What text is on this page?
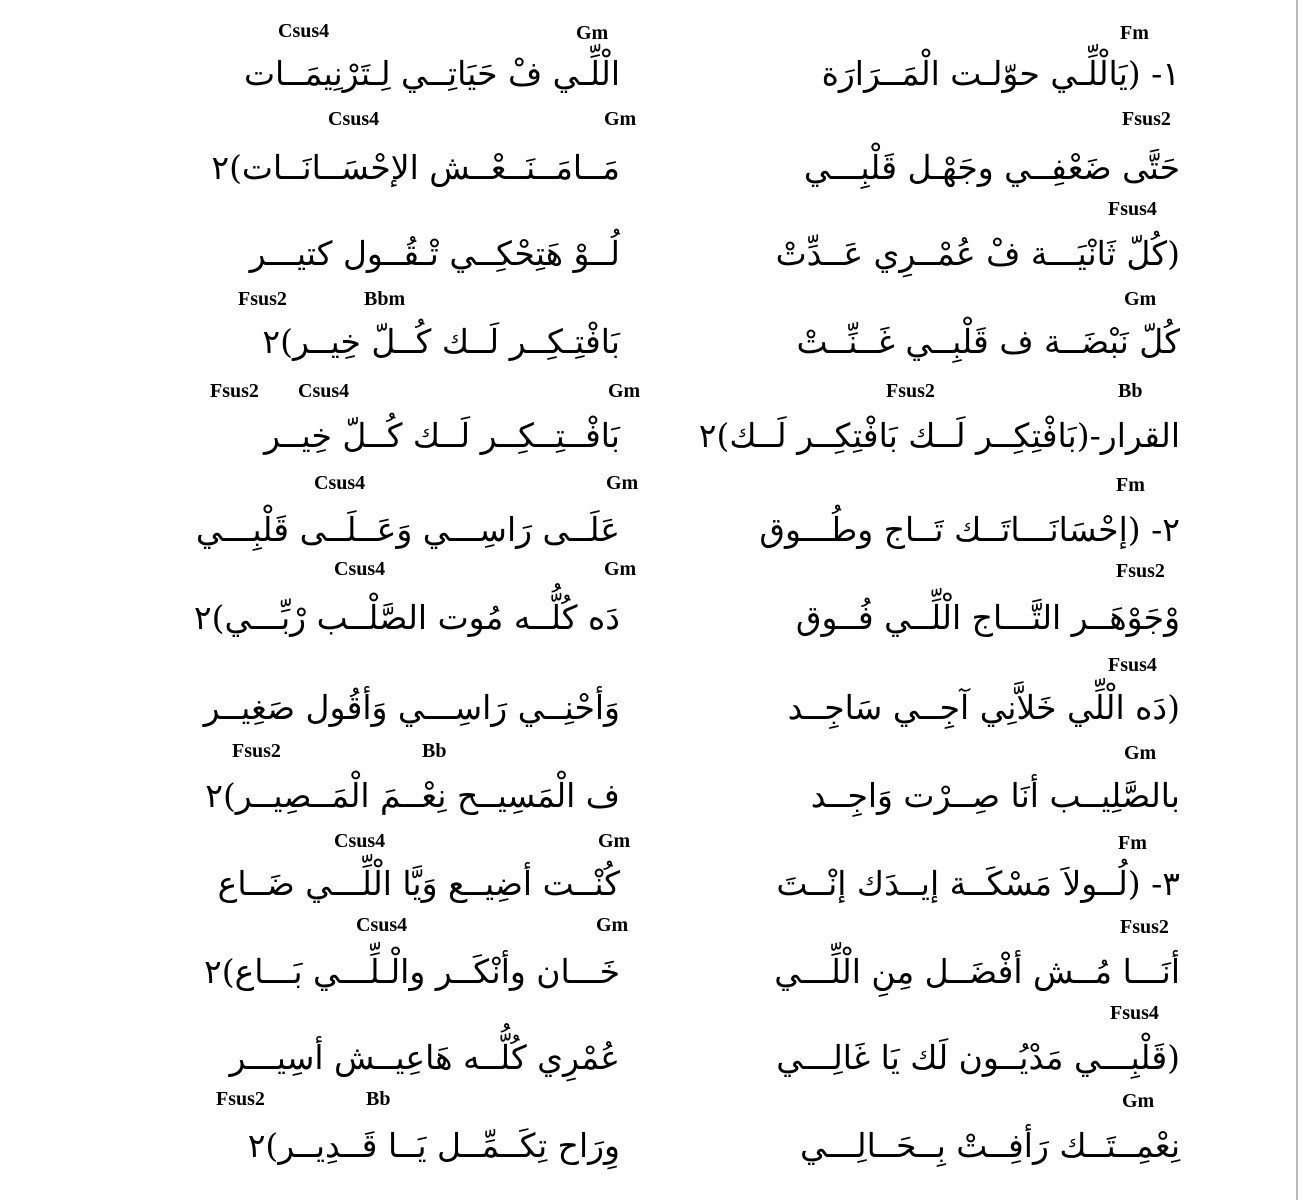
Fm
Gm
Csus4
١- (يَالْلِّـي حوّلـت الْمَــرَارَة
الْلِّـي فْ حَيَاتِــي لِـتَرْنِيمَــات
Fsus2
Gm
Csus4
حَتَّى ضَعْفِــي وجَهْـل قَلْبِـــي
مَــامَــنَــعْــش الإحْسَــانَــات)٢
Fsus4
(كُلّ ثَانْيَـــة فْ عُمْــرِي عَــدِّتْ
لُــوْ هَتِحْكِــي تْـقُــول كتيـــر
Gm
Bbm
Fsus2
كُلّ نَبْضَــة ف قَلْبِــي غَــنِّــتْ
بَافْتِـكِــر لَــك كُــلّ خِيــر)٢
Bb
Fsus2
Gm
Csus4
Fsus2
القرار-(بَافْتِكِــر لَــك بَافْتِكِــر لَــك)٢
بَافْــتِــكِــر لَــك كُــلّ خِيــر
Fm
Gm
Csus4
٢- (إحْسَانَـــاتَــك تَــاج وطُـــوق
عَلَــى رَاسِـــي وَعَــلَــى قَلْبِـــي
Fsus2
Gm
Csus4
وْجَوْهَــر التَّـــاج الْلِّــي فُــوق
دَه كُلُّــه مُوت الصَّلْــب رْبِّـــي)٢
Fsus4
(دَه الْلِّي خَلاَّنِي آجِــي سَاجِــد
وَأحْنِــي رَاسِـــي وَأقُول صَغِيــر
Gm
Bb
Fsus2
بالصَّلِيــب أنَا صِــرْت وَاجِــد
ف الْمَسِيــح نِعْــمَ الْمَــصِيــر)٢
Fm
Gm
Csus4
٣- (لُــولاَ مَسْكَــة إيــدَك إنْــتَ
كُنْــت أضِيــع وَيَّا الْلِّـــي ضَــاع
Fsus2
Gm
Csus4
أنَـــا مُــش أفْضَــل مِنِ الْلِّـــي
خَـــان وأنْكَــر والْـلِّـــي بَـــاع)٢
Fsus4
(قَلْبِـــي مَدْيُــون لَك يَا غَالِـــي
عُمْرِي كُلُّــه هَاعِيــش أسِيـــر
Gm
Bb
Fsus2
نِعْمِــتَــك رَأفِــتْ بِــحَــالِـــي
وِرَاح تِكَــمِّــل يَــا قَــدِيــر)٢
